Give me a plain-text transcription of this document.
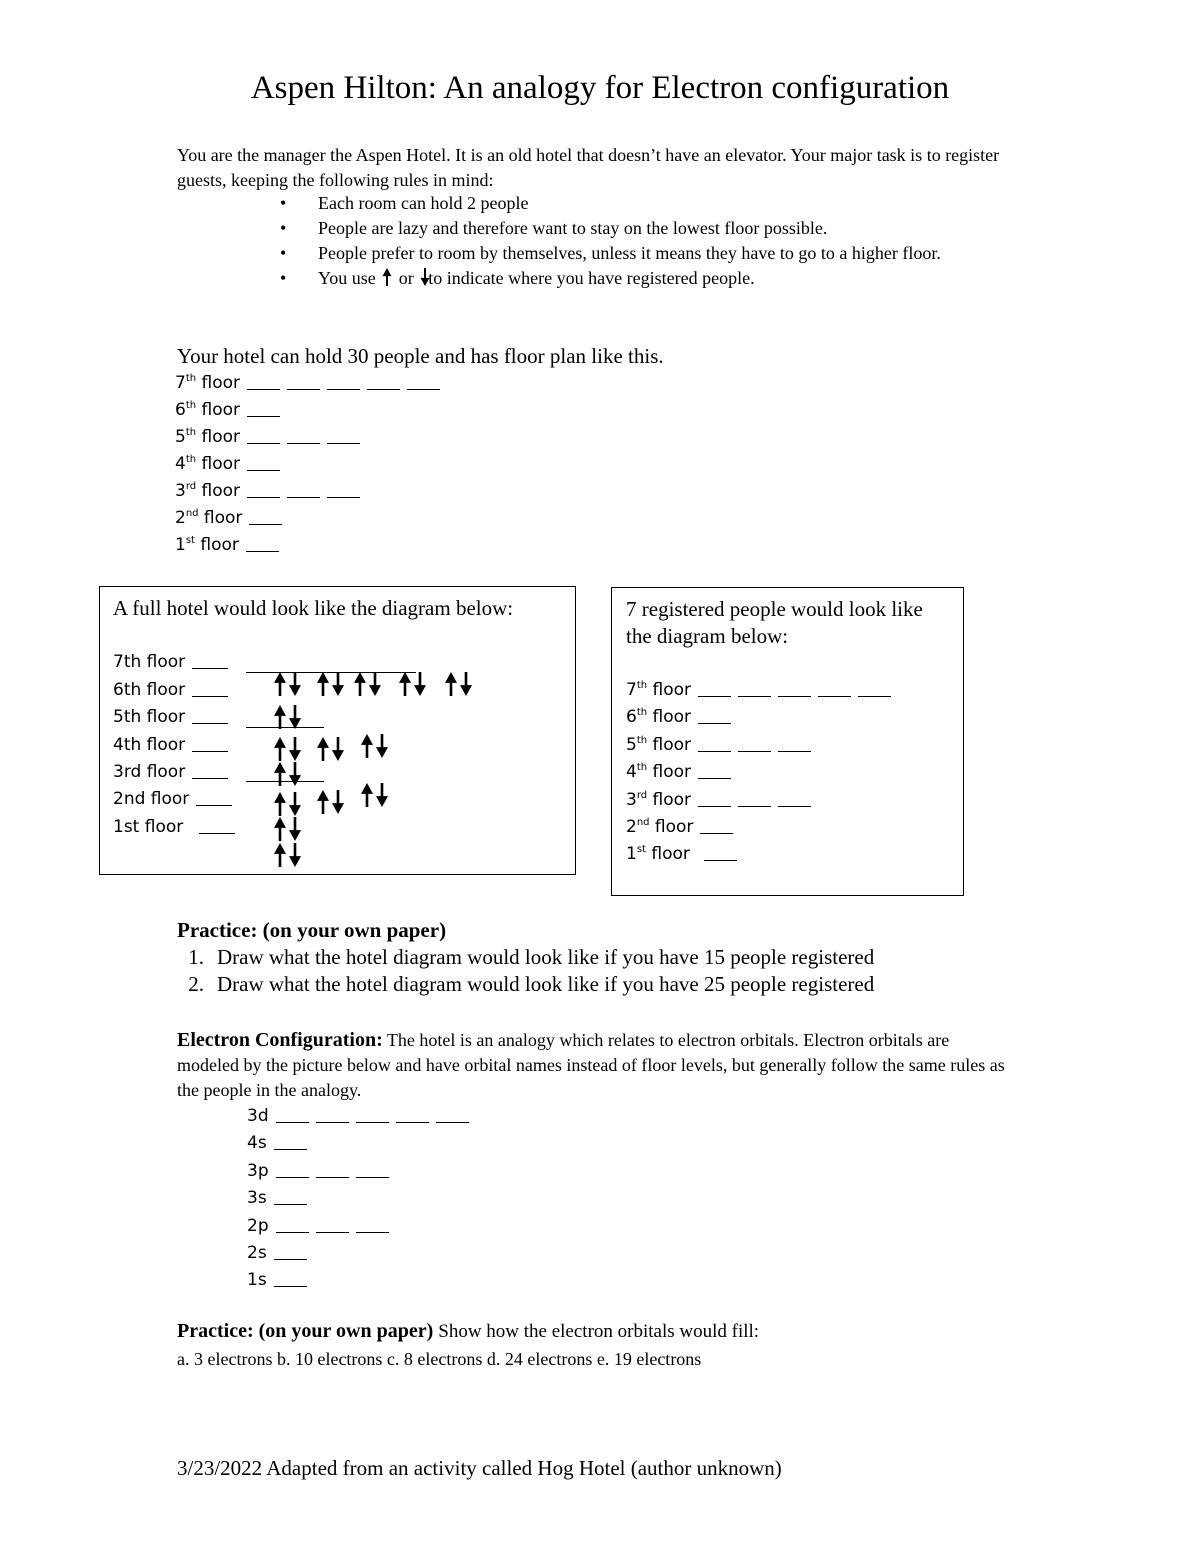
Aspen Hilton: An analogy for Electron configuration
You are the manager the Aspen Hotel. It is an old hotel that doesn’t have an elevator. Your major task is to register guests, keeping the following rules in mind:
• Each room can hold 2 people
• People are lazy and therefore want to stay on the lowest floor possible.
• People prefer to room by themselves, unless it means they have to go to a higher floor.
• You use or to indicate where you have registered people.
Your hotel can hold 30 people and has floor plan like this.
7th floor
6th floor
5th floor
4th floor
3rd floor
2nd floor
1st floor
A full hotel would look like the diagram below:
7th floor
6th floor
5th floor
4th floor
3rd floor
2nd floor
1st floor
7 registered people would look like the diagram below:
7th floor
6th floor
5th floor
4th floor
3rd floor
2nd floor
1st floor
Practice: (on your own paper)
1. Draw what the hotel diagram would look like if you have 15 people registered
2. Draw what the hotel diagram would look like if you have 25 people registered
Electron Configuration: The hotel is an analogy which relates to electron orbitals. Electron orbitals are modeled by the picture below and have orbital names instead of floor levels, but generally follow the same rules as the people in the analogy.
3d
4s
3p
3s
2p
2s
1s
Practice: (on your own paper) Show how the electron orbitals would fill:
a. 3 electrons b. 10 electrons c. 8 electrons d. 24 electrons e. 19 electrons
3/23/2022 Adapted from an activity called Hog Hotel (author unknown)
